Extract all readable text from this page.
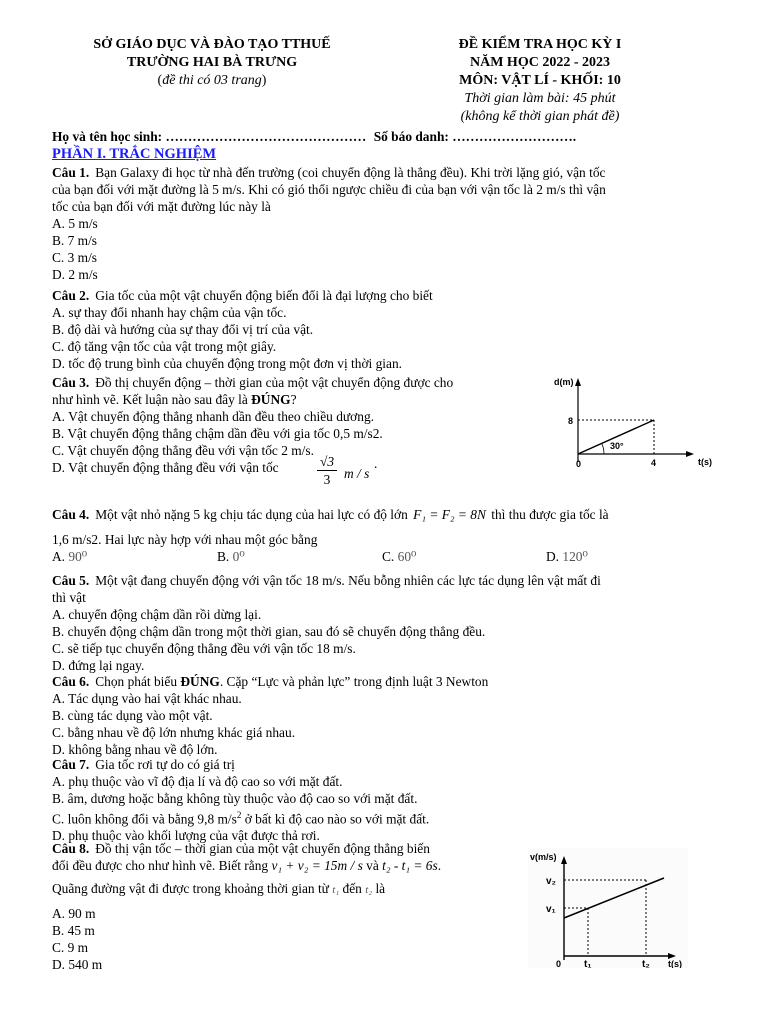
SỞ GIÁO DỤC VÀ ĐÀO TẠO TTHUẾ
TRƯỜNG HAI BÀ TRƯNG
(đề thi có 03 trang)
ĐỀ KIỂM TRA HỌC KỲ I
NĂM HỌC 2022 - 2023
MÔN: VẬT LÍ - KHỐI: 10
Thời gian làm bài: 45 phút
(không kể thời gian phát đề)
Họ và tên học sinh: ……………………………………… Số báo danh: ……………………….
PHẦN I. TRẮC NGHIỆM
Câu 1. Bạn Galaxy đi học từ nhà đến trường (coi chuyển động là thẳng đều). Khi trời lặng gió, vận tốc
của bạn đối với mặt đường là 5 m/s. Khi có gió thổi ngược chiều đi của bạn với vận tốc là 2 m/s thì vận
tốc của bạn đối với mặt đường lúc này là
A. 5 m/s
B. 7 m/s
C. 3 m/s
D. 2 m/s
Câu 2. Gia tốc của một vật chuyển động biến đổi là đại lượng cho biết
A. sự thay đổi nhanh hay chậm của vận tốc.
B. độ dài và hướng của sự thay đổi vị trí của vật.
C. độ tăng vận tốc của vật trong một giây.
D. tốc độ trung bình của chuyển động trong một đơn vị thời gian.
Câu 3. Đồ thị chuyển động – thời gian của một vật chuyển động được cho
như hình vẽ. Kết luận nào sau đây là ĐÚNG?
A. Vật chuyển động thẳng nhanh dần đều theo chiều dương.
B. Vật chuyển động thẳng chậm dần đều với gia tốc 0,5 m/s2.
C. Vật chuyển động thẳng đều với vận tốc 2 m/s.
D. Vật chuyển động thẳng đều với vận tốc	√3
3	m / s
.
d(m)
t(s)
8
4
0
30°
Câu 4. Một vật nhỏ nặng 5 kg chịu tác dụng của hai lực có độ lớn F₁ = F₂ = 8N thì thu được gia tốc là
1,6 m/s2. Hai lực này hợp với nhau một góc bằng
A. 90⁰	B. 0⁰	C. 60⁰	D. 120⁰
Câu 5. Một vật đang chuyển động với vận tốc 18 m/s. Nếu bỗng nhiên các lực tác dụng lên vật mất đi
thì vật
A. chuyển động chậm dần rồi dừng lại.
B. chuyển động chậm dần trong một thời gian, sau đó sẽ chuyển động thẳng đều.
C. sẽ tiếp tục chuyển động thẳng đều với vận tốc 18 m/s.
D. đứng lại ngay.
Câu 6. Chọn phát biểu ĐÚNG. Cặp “Lực và phản lực” trong định luật 3 Newton
A. Tác dụng vào hai vật khác nhau.
B. cùng tác dụng vào một vật.
C. bằng nhau về độ lớn nhưng khác giá nhau.
D. không bằng nhau về độ lớn.
Câu 7. Gia tốc rơi tự do có giá trị
A. phụ thuộc vào vĩ độ địa lí và độ cao so với mặt đất.
B. âm, dương hoặc bằng không tùy thuộc vào độ cao so với mặt đất.
C. luôn không đổi và bằng 9,8 $m/s^2$ ở bất kì độ cao nào so với mặt đất.
D. phụ thuộc vào khối lượng của vật được thả rơi.
Câu 8. Đồ thị vận tốc – thời gian của một vật chuyển động thẳng biến
đổi đều được cho như hình vẽ. Biết rằng v₁ + v₂ = 15m / s và t₂ - t₁ = 6s.
Quãng đường vật đi được trong khoảng thời gian từ t₁ đến t₂ là
A. 90 m
B. 45 m
C. 9 m
D. 540 m
v(m/s)
t(s)
v₂
v₁
t₁	t₂
0
